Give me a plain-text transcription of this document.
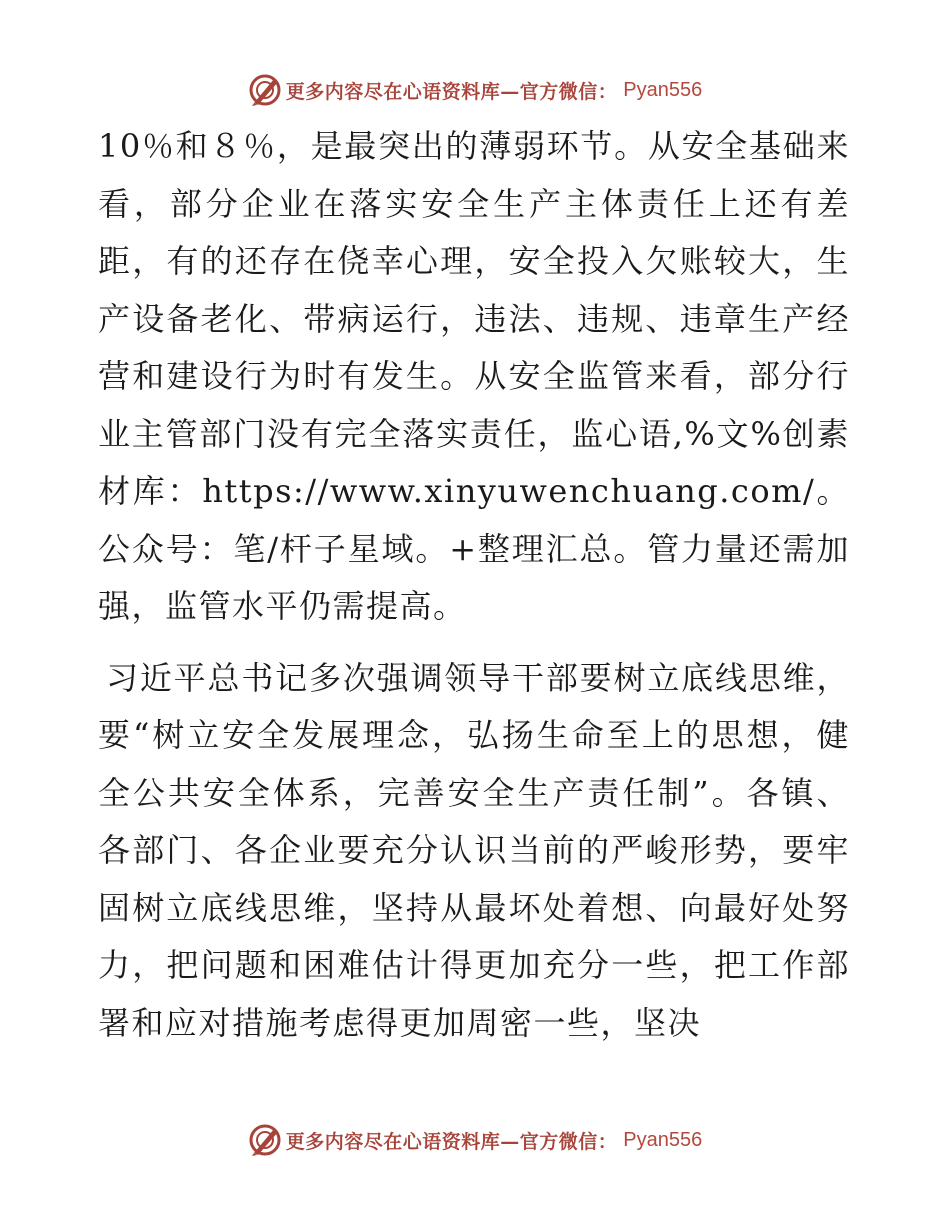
更多内容尽在心语资料库—官方微信： Pyan556

10％和８％，是最突出的薄弱环节。从安全基础来看，部分企业在落实安全生产主体责任上还有差距，有的还存在侥幸心理，安全投入欠账较大，生产设备老化、带病运行，违法、违规、违章生产经营和建设行为时有发生。从安全监管来看，部分行业主管部门没有完全落实责任，监心语,%文%创素材库：https://www.xinyuwenchuang.com/。公众号：笔/杆子星域。+整理汇总。管力量还需加强，监管水平仍需提高。

习近平总书记多次强调领导干部要树立底线思维，要“树立安全发展理念，弘扬生命至上的思想，健全公共安全体系，完善安全生产责任制”。各镇、各部门、各企业要充分认识当前的严峻形势，要牢固树立底线思维，坚持从最坏处着想、向最好处努力，把问题和困难估计得更加充分一些，把工作部署和应对措施考虑得更加周密一些，坚决

更多内容尽在心语资料库—官方微信： Pyan556
